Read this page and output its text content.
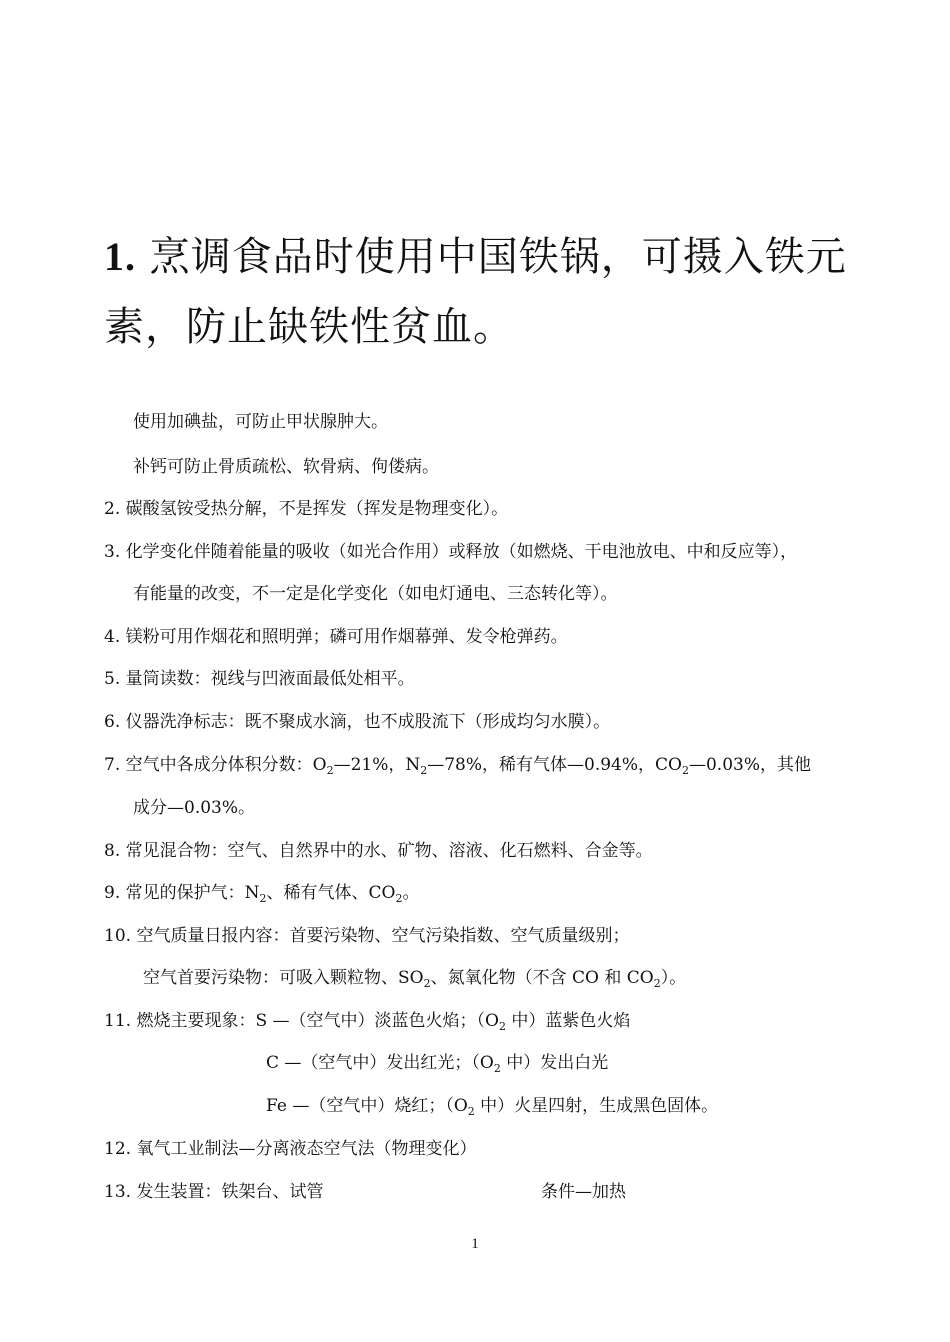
1. 烹调食品时使用中国铁锅，可摄入铁元素，防止缺铁性贫血。
使用加碘盐，可防止甲状腺肿大。
补钙可防止骨质疏松、软骨病、佝偻病。
2. 碳酸氢铵受热分解，不是挥发（挥发是物理变化）。
3. 化学变化伴随着能量的吸收（如光合作用）或释放（如燃烧、干电池放电、中和反应等），
有能量的改变，不一定是化学变化（如电灯通电、三态转化等）。
4. 镁粉可用作烟花和照明弹；磷可用作烟幕弹、发令枪弹药。
5. 量筒读数：视线与凹液面最低处相平。
6. 仪器洗净标志：既不聚成水滴，也不成股流下（形成均匀水膜）。
7. 空气中各成分体积分数：$O_2—21\%$，$N_2—78\%$，稀有气体—0.94%，$CO_2—0.03\%$，其他
成分—0.03%。
8. 常见混合物：空气、自然界中的水、矿物、溶液、化石燃料、合金等。
9. 常见的保护气：$N_2$、稀有气体、$CO_2$。
10. 空气质量日报内容：首要污染物、空气污染指数、空气质量级别；
空气首要污染物：可吸入颗粒物、$SO_2$、氮氧化物（不含 CO 和 $CO_2$）。
11. 燃烧主要现象：S —（空气中）淡蓝色火焰；（$O_2$ 中）蓝紫色火焰
C —（空气中）发出红光；（$O_2$ 中）发出白光
Fe —（空气中）烧红；（$O_2$ 中）火星四射，生成黑色固体。
12. 氧气工业制法—分离液态空气法（物理变化）
13. 发生装置：铁架台、试管	条件—加热
1
